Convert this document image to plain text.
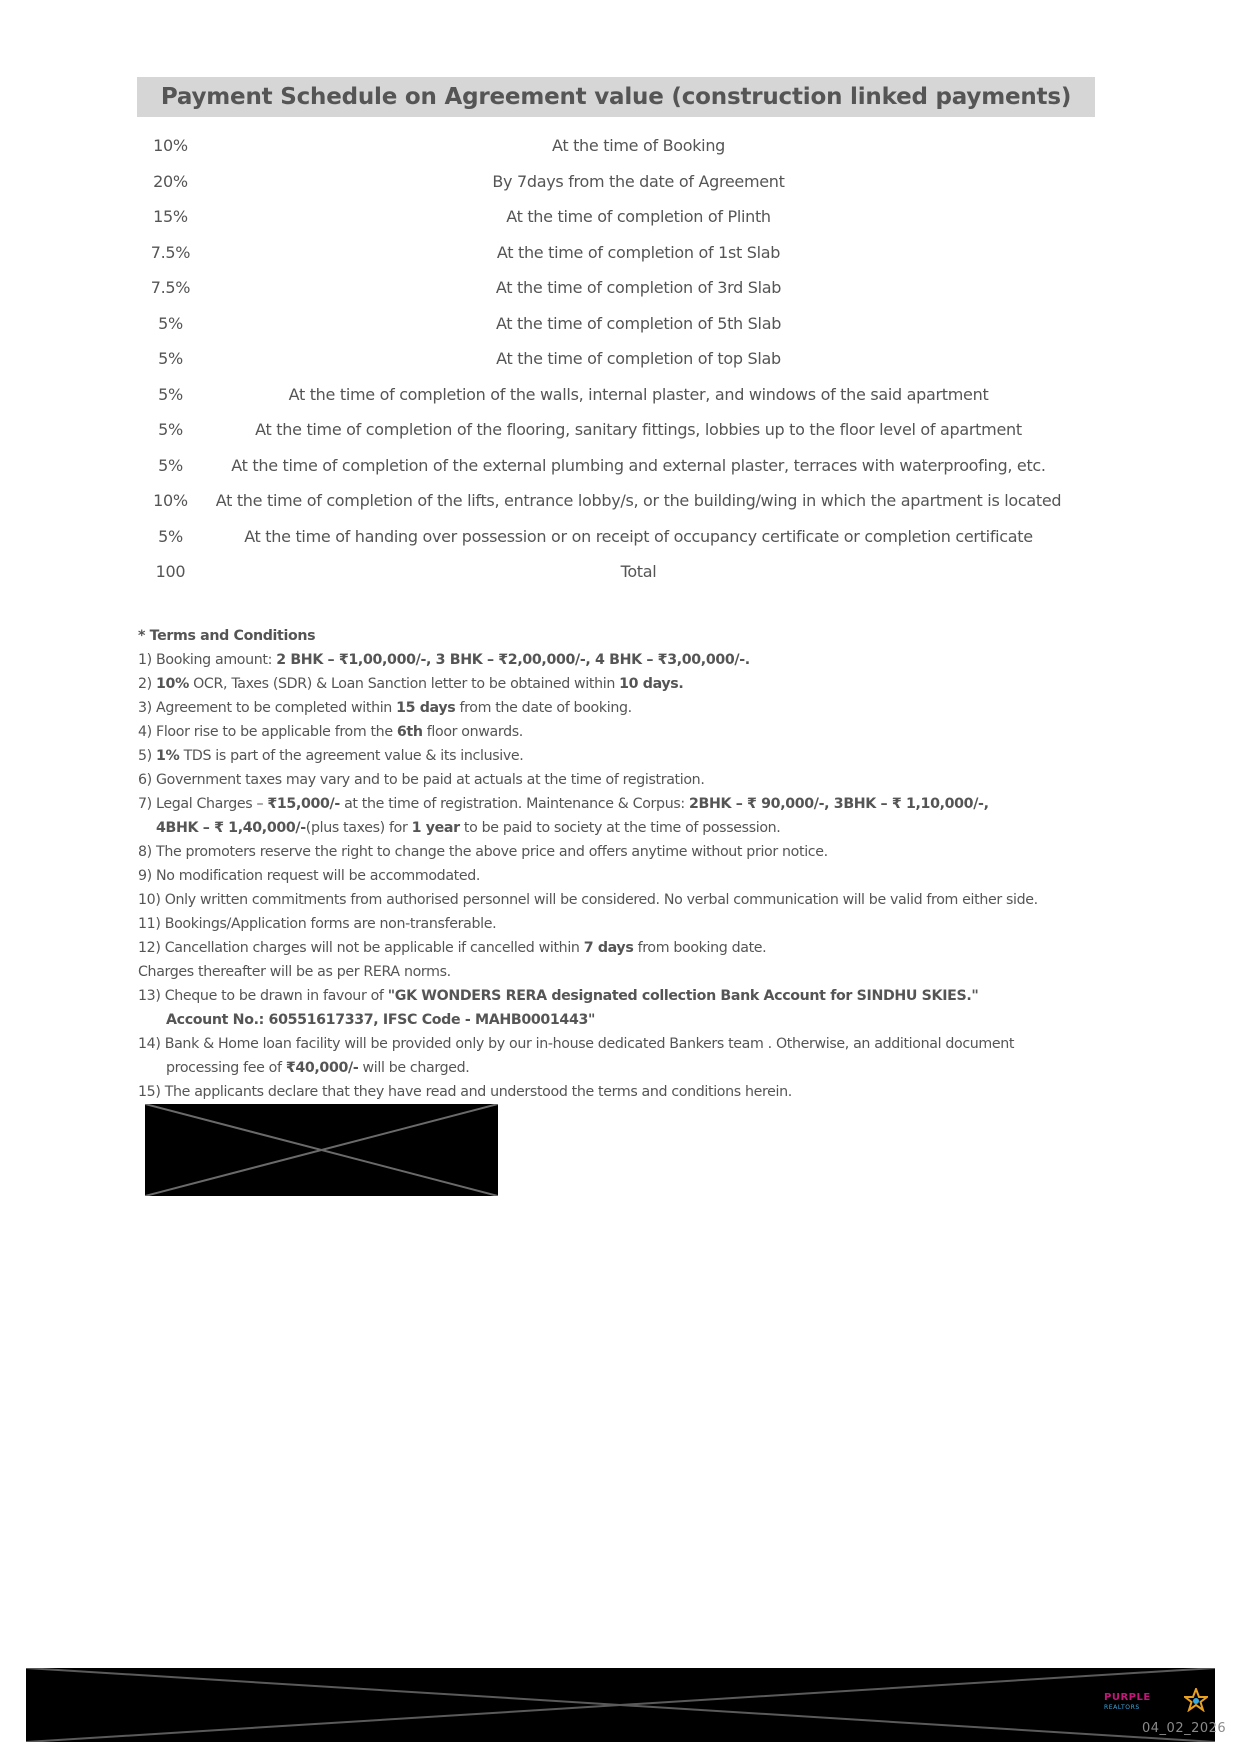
Payment Schedule on Agreement value (construction linked payments)
10%	At the time of Booking
20%	By 7days from the date of Agreement
15%	At the time of completion of Plinth
7.5%	At the time of completion of 1st Slab
7.5%	At the time of completion of 3rd Slab
5%	At the time of completion of 5th Slab
5%	At the time of completion of top Slab
5%	At the time of completion of the walls, internal plaster, and windows of the said apartment
5%	At the time of completion of the flooring, sanitary fittings, lobbies up to the floor level of apartment
5%	At the time of completion of the external plumbing and external plaster, terraces with waterproofing, etc.
10%	At the time of completion of the lifts, entrance lobby/s, or the building/wing in which the apartment is located
5%	At the time of handing over possession or on receipt of occupancy certificate or completion certificate
100	Total
* Terms and Conditions
1) Booking amount: 2 BHK – ₹1,00,000/-, 3 BHK – ₹2,00,000/-, 4 BHK – ₹3,00,000/-.
2) 10% OCR, Taxes (SDR) & Loan Sanction letter to be obtained within 10 days.
3) Agreement to be completed within 15 days from the date of booking.
4) Floor rise to be applicable from the 6th floor onwards.
5) 1% TDS is part of the agreement value & its inclusive.
6) Government taxes may vary and to be paid at actuals at the time of registration.
7) Legal Charges – ₹15,000/- at the time of registration. Maintenance & Corpus: 2BHK – ₹ 90,000/-, 3BHK – ₹ 1,10,000/-,
4BHK – ₹ 1,40,000/-(plus taxes) for 1 year to be paid to society at the time of possession.
8) The promoters reserve the right to change the above price and offers anytime without prior notice.
9) No modification request will be accommodated.
10) Only written commitments from authorised personnel will be considered. No verbal communication will be valid from either side.
11) Bookings/Application forms are non-transferable.
12) Cancellation charges will not be applicable if cancelled within 7 days from booking date.
Charges thereafter will be as per RERA norms.
13) Cheque to be drawn in favour of "GK WONDERS RERA designated collection Bank Account for SINDHU SKIES."
Account No.: 60551617337, IFSC Code - MAHB0001443"
14) Bank & Home loan facility will be provided only by our in-house dedicated Bankers team . Otherwise, an additional document
processing fee of ₹40,000/- will be charged.
15) The applicants declare that they have read and understood the terms and conditions herein.
PURPLE
REALTORS
04_02_2026
